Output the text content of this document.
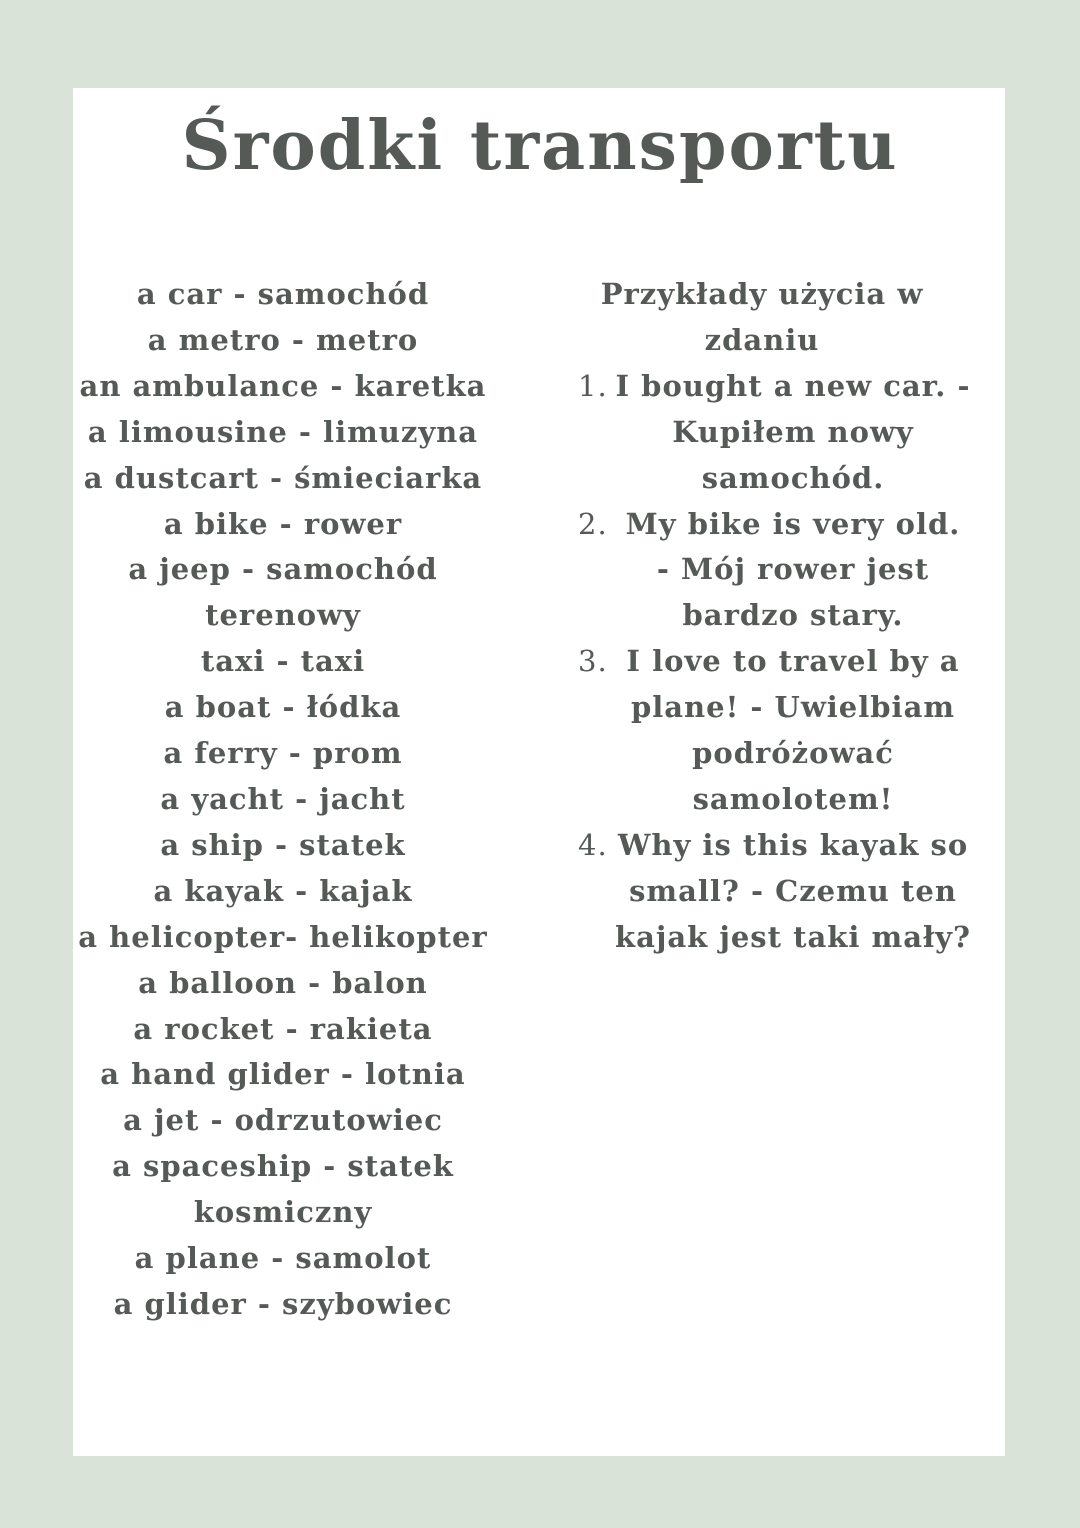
Środki transportu
a car - samochód
a metro - metro
an ambulance - karetka
a limousine - limuzyna
a dustcart - śmieciarka
a bike - rower
a jeep - samochód
terenowy
taxi - taxi
a boat - łódka
a ferry - prom
a yacht - jacht
a ship - statek
a kayak - kajak
a helicopter- helikopter
a balloon - balon
a rocket - rakieta
a hand glider - lotnia
a jet - odrzutowiec
a spaceship - statek
kosmiczny
a plane - samolot
a glider - szybowiec
Przykłady użycia w
zdaniu
1. I bought a new car. -
Kupiłem nowy
samochód.
2. My bike is very old.
- Mój rower jest
bardzo stary.
3. I love to travel by a
plane! - Uwielbiam
podróżować
samolotem!
4. Why is this kayak so
small? - Czemu ten
kajak jest taki mały?
